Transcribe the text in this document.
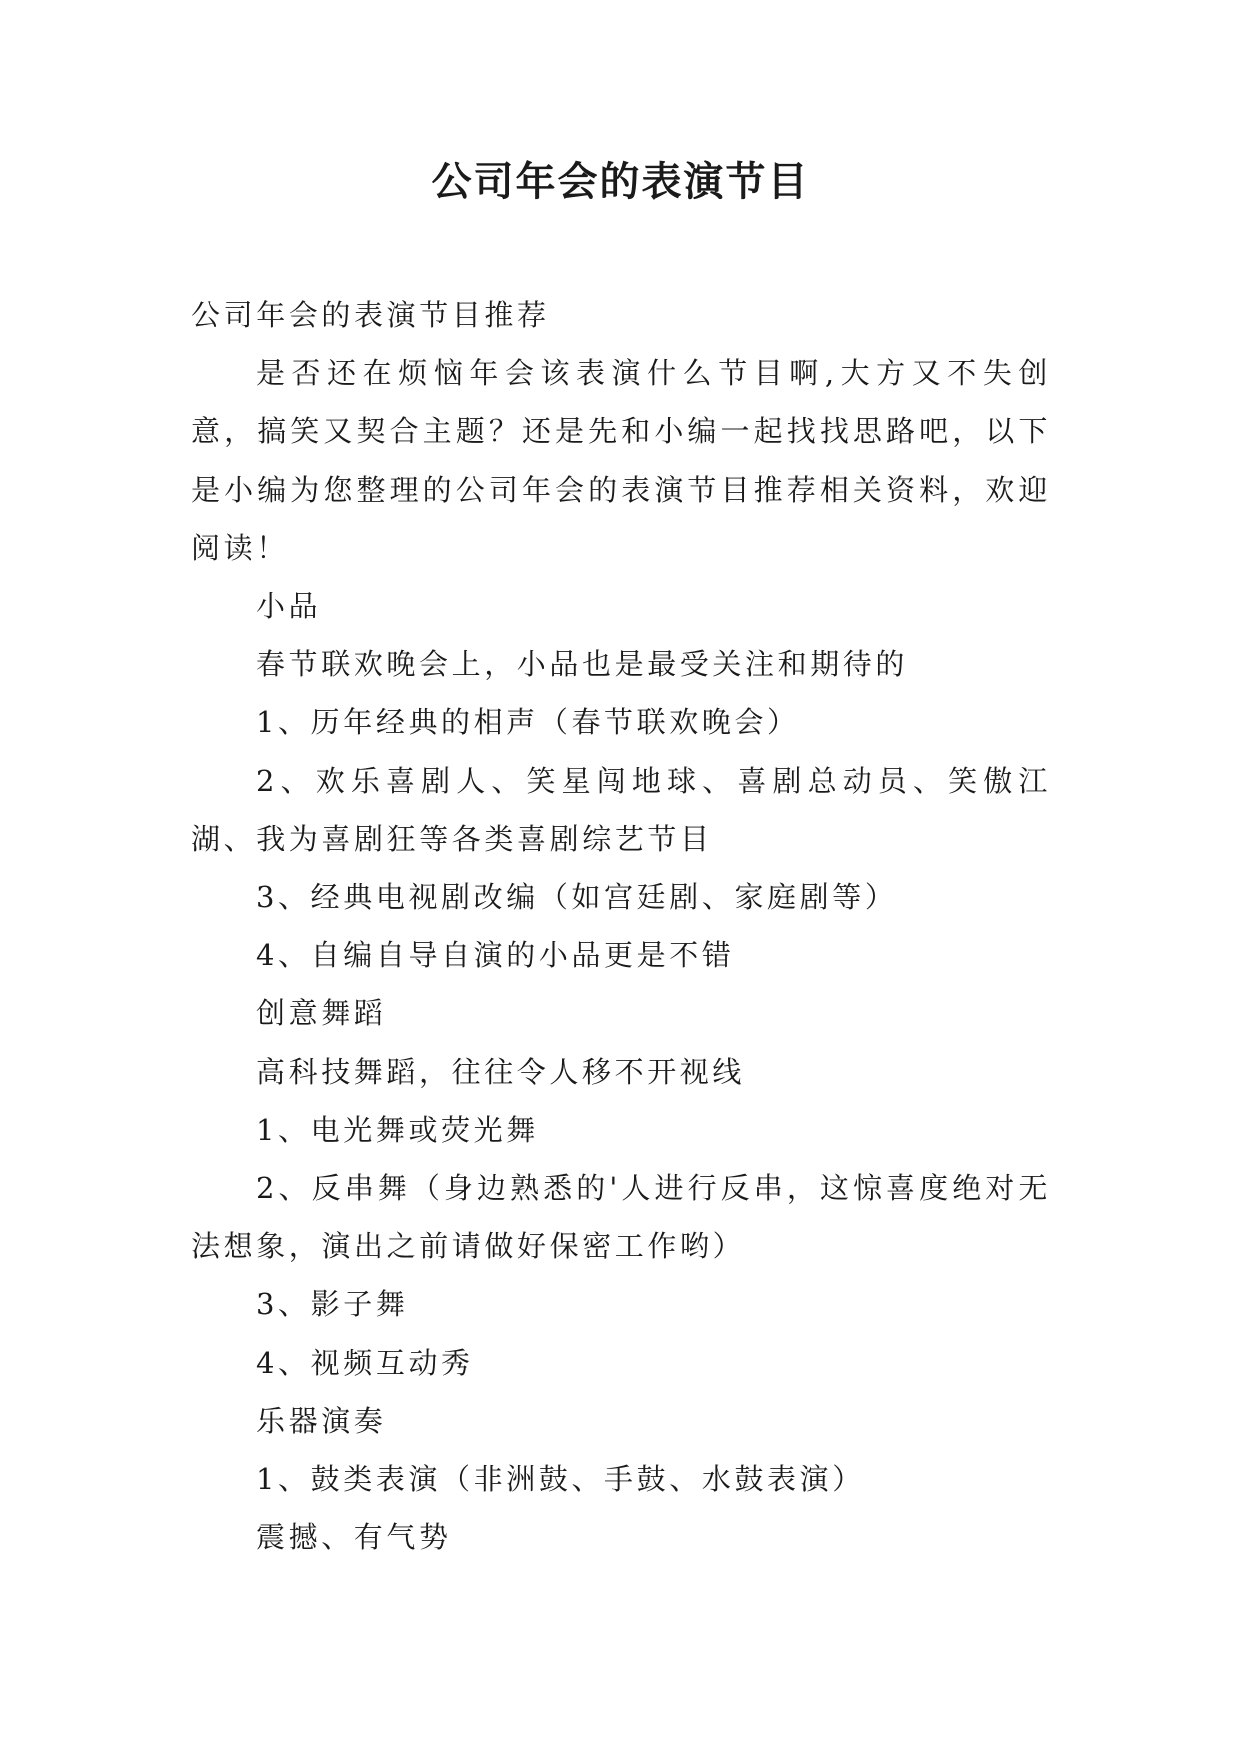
公司年会的表演节目

公司年会的表演节目推荐

是否还在烦恼年会该表演什么节目啊,大方又不失创意，搞笑又契合主题？还是先和小编一起找找思路吧，以下是小编为您整理的公司年会的表演节目推荐相关资料，欢迎阅读！

小品

春节联欢晚会上，小品也是最受关注和期待的

1、历年经典的相声（春节联欢晚会）

2、欢乐喜剧人、笑星闯地球、喜剧总动员、笑傲江湖、我为喜剧狂等各类喜剧综艺节目

3、经典电视剧改编（如宫廷剧、家庭剧等）

4、自编自导自演的小品更是不错

创意舞蹈

高科技舞蹈，往往令人移不开视线

1、电光舞或荧光舞

2、反串舞（身边熟悉的'人进行反串，这惊喜度绝对无法想象，演出之前请做好保密工作哟）

3、影子舞

4、视频互动秀

乐器演奏

1、鼓类表演（非洲鼓、手鼓、水鼓表演）

震撼、有气势
